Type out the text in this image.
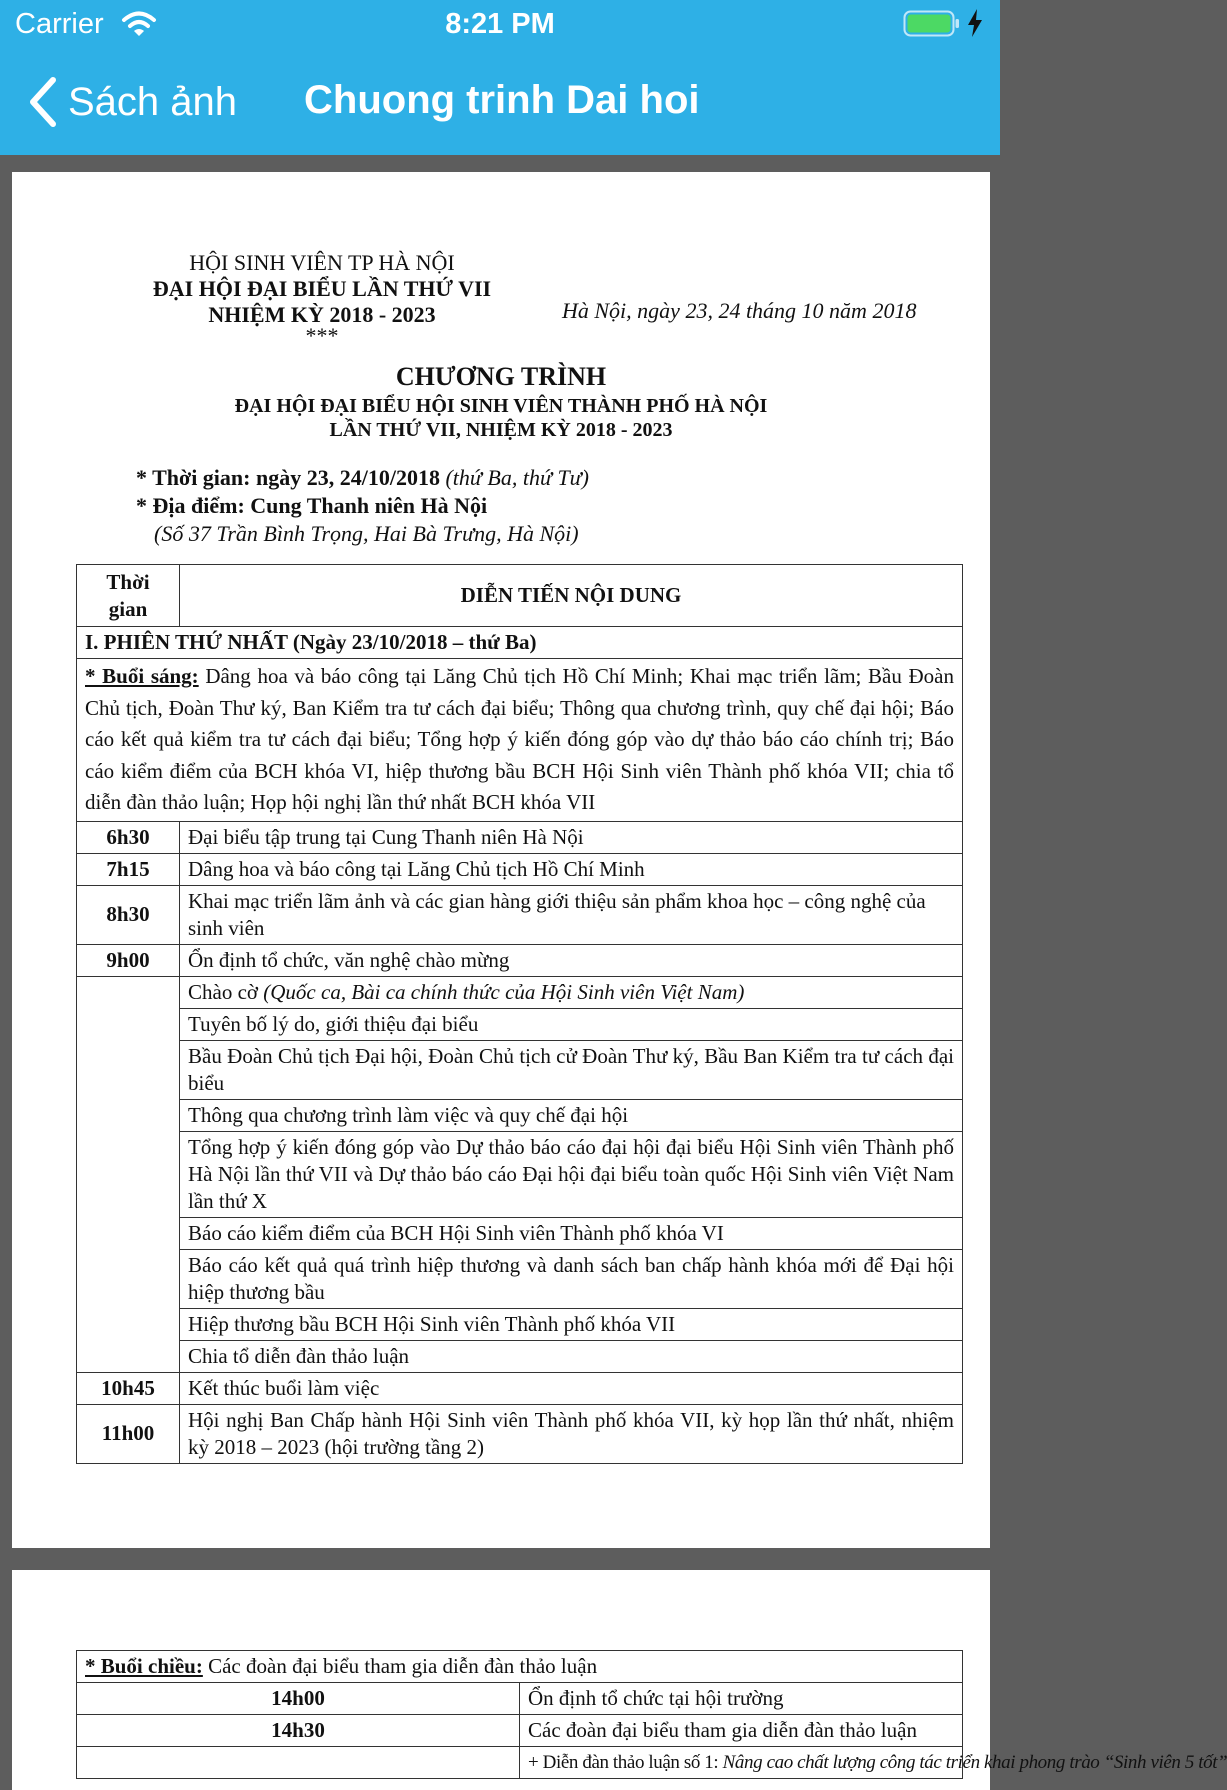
Carrier	8:21 PM
Sách ảnh Chuong trinh Dai hoi
HỘI SINH VIÊN TP HÀ NỘI
ĐẠI HỘI ĐẠI BIỂU LẦN THỨ VII
NHIỆM KỲ 2018 - 2023
***
Hà Nội, ngày 23, 24 tháng 10 năm 2018
CHƯƠNG TRÌNH
ĐẠI HỘI ĐẠI BIỂU HỘI SINH VIÊN THÀNH PHỐ HÀ NỘI
LẦN THỨ VII, NHIỆM KỲ 2018 - 2023
* Thời gian: ngày 23, 24/10/2018 (thứ Ba, thứ Tư)
* Địa điểm: Cung Thanh niên Hà Nội
(Số 37 Trần Bình Trọng, Hai Bà Trưng, Hà Nội)
Thời gian	DIỄN TIẾN NỘI DUNG
I. PHIÊN THỨ NHẤT (Ngày 23/10/2018 – thứ Ba)	
* Buổi sáng: Dâng hoa và báo công tại Lăng Chủ tịch Hồ Chí Minh; Khai mạc triển lãm; Bầu Đoàn Chủ tịch, Đoàn Thư ký, Ban Kiểm tra tư cách đại biểu; Thông qua chương trình, quy chế đại hội; Báo cáo kết quả kiểm tra tư cách đại biểu; Tổng hợp ý kiến đóng góp vào dự thảo báo cáo chính trị; Báo cáo kiểm điểm của BCH khóa VI, hiệp thương bầu BCH Hội Sinh viên Thành phố khóa VII; chia tổ diễn đàn thảo luận; Họp hội nghị lần thứ nhất BCH khóa VII	
6h30	Đại biểu tập trung tại Cung Thanh niên Hà Nội
7h15	Dâng hoa và báo công tại Lăng Chủ tịch Hồ Chí Minh
8h30	Khai mạc triển lãm ảnh và các gian hàng giới thiệu sản phẩm khoa học – công nghệ của sinh viên
9h00	Ổn định tổ chức, văn nghệ chào mừng
	Chào cờ (Quốc ca, Bài ca chính thức của Hội Sinh viên Việt Nam)
	Tuyên bố lý do, giới thiệu đại biểu
	Bầu Đoàn Chủ tịch Đại hội, Đoàn Chủ tịch cử Đoàn Thư ký, Bầu Ban Kiểm tra tư cách đại biểu
	Thông qua chương trình làm việc và quy chế đại hội
	Tổng hợp ý kiến đóng góp vào Dự thảo báo cáo đại hội đại biểu Hội Sinh viên Thành phố Hà Nội lần thứ VII và Dự thảo báo cáo Đại hội đại biểu toàn quốc Hội Sinh viên Việt Nam lần thứ X
	Báo cáo kiểm điểm của BCH Hội Sinh viên Thành phố khóa VI
	Báo cáo kết quả quá trình hiệp thương và danh sách ban chấp hành khóa mới để Đại hội hiệp thương bầu
	Hiệp thương bầu BCH Hội Sinh viên Thành phố khóa VII
	Chia tổ diễn đàn thảo luận
10h45	Kết thúc buổi làm việc
11h00	Hội nghị Ban Chấp hành Hội Sinh viên Thành phố khóa VII, kỳ họp lần thứ nhất, nhiệm kỳ 2018 – 2023 (hội trường tầng 2)
* Buổi chiều: Các đoàn đại biểu tham gia diễn đàn thảo luận	
14h00	Ổn định tổ chức tại hội trường
14h30	Các đoàn đại biểu tham gia diễn đàn thảo luận
	+ Diễn đàn thảo luận số 1: Nâng cao chất lượng công tác triển khai phong trào “Sinh viên 5 tốt”
